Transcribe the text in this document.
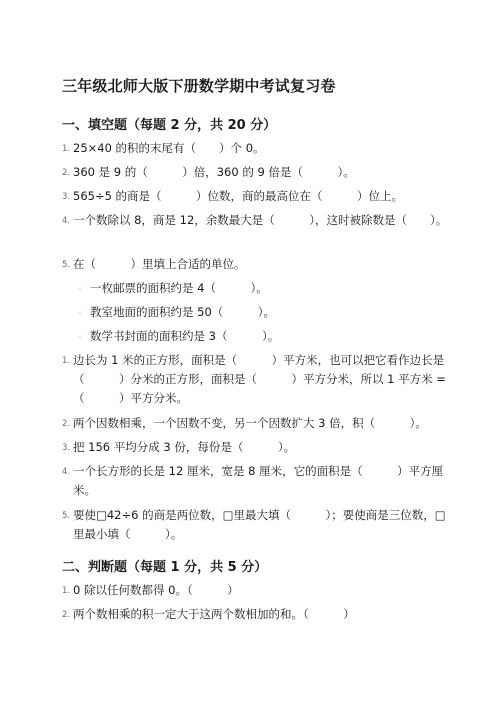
三年级北师大版下册数学期中考试复习卷
一、填空题（每题 2 分，共 20 分）
1. 25×40 的积的末尾有（　　）个 0。
2. 360 是 9 的（　　　）倍，360 的 9 倍是（　　　）。
3. 565÷5 的商是（　　　）位数，商的最高位在（　　　）位上。
4. 一个数除以 8，商是 12，余数最大是（　　　），这时被除数是（　　）。
5. 在（　　　）里填上合适的单位。
◦ 一枚邮票的面积约是 4（　　　）。
◦ 教室地面的面积约是 50（　　　）。
◦ 数学书封面的面积约是 3（　　　）。
1. 边长为 1 米的正方形，面积是（　　　）平方米，也可以把它看作边长是（　　　）分米的正方形，面积是（　　　）平方分米，所以 1 平方米 =（　　　）平方分米。
2. 两个因数相乘，一个因数不变，另一个因数扩大 3 倍，积（　　　）。
3. 把 156 平均分成 3 份，每份是（　　　）。
4. 一个长方形的长是 12 厘米，宽是 8 厘米，它的面积是（　　　）平方厘米。
5. 要使□42÷6 的商是两位数，□里最大填（　　　）；要使商是三位数，□里最小填（　　　）。
二、判断题（每题 1 分，共 5 分）
1. 0 除以任何数都得 0。（　　　）
2. 两个数相乘的积一定大于这两个数相加的和。（　　　）
